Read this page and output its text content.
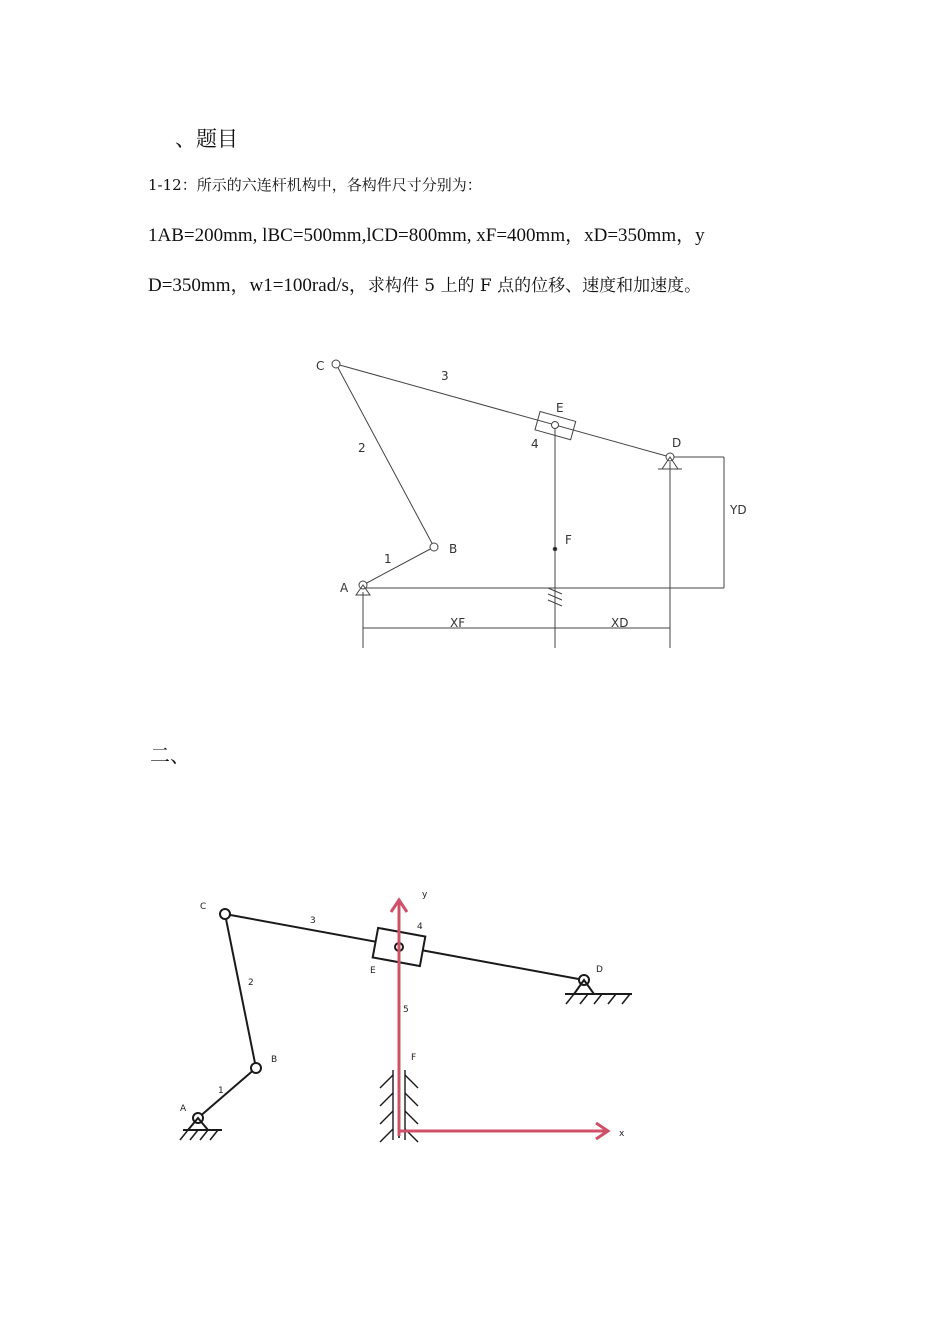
、题目
1-12：所示的六连杆机构中，各构件尺寸分别为：
1AB=200mm, lBC=500mm,lCD=800mm, xF=400mm，xD=350mm，y
D=350mm，w1=100rad/s，求构件 5 上的 F 点的位移、速度和加速度。
二、
C
3
E
4	D
2
YD
F
B
1
A
XF	XD
C
3
y
4
E	D
2
5
F
B
1
A
x
